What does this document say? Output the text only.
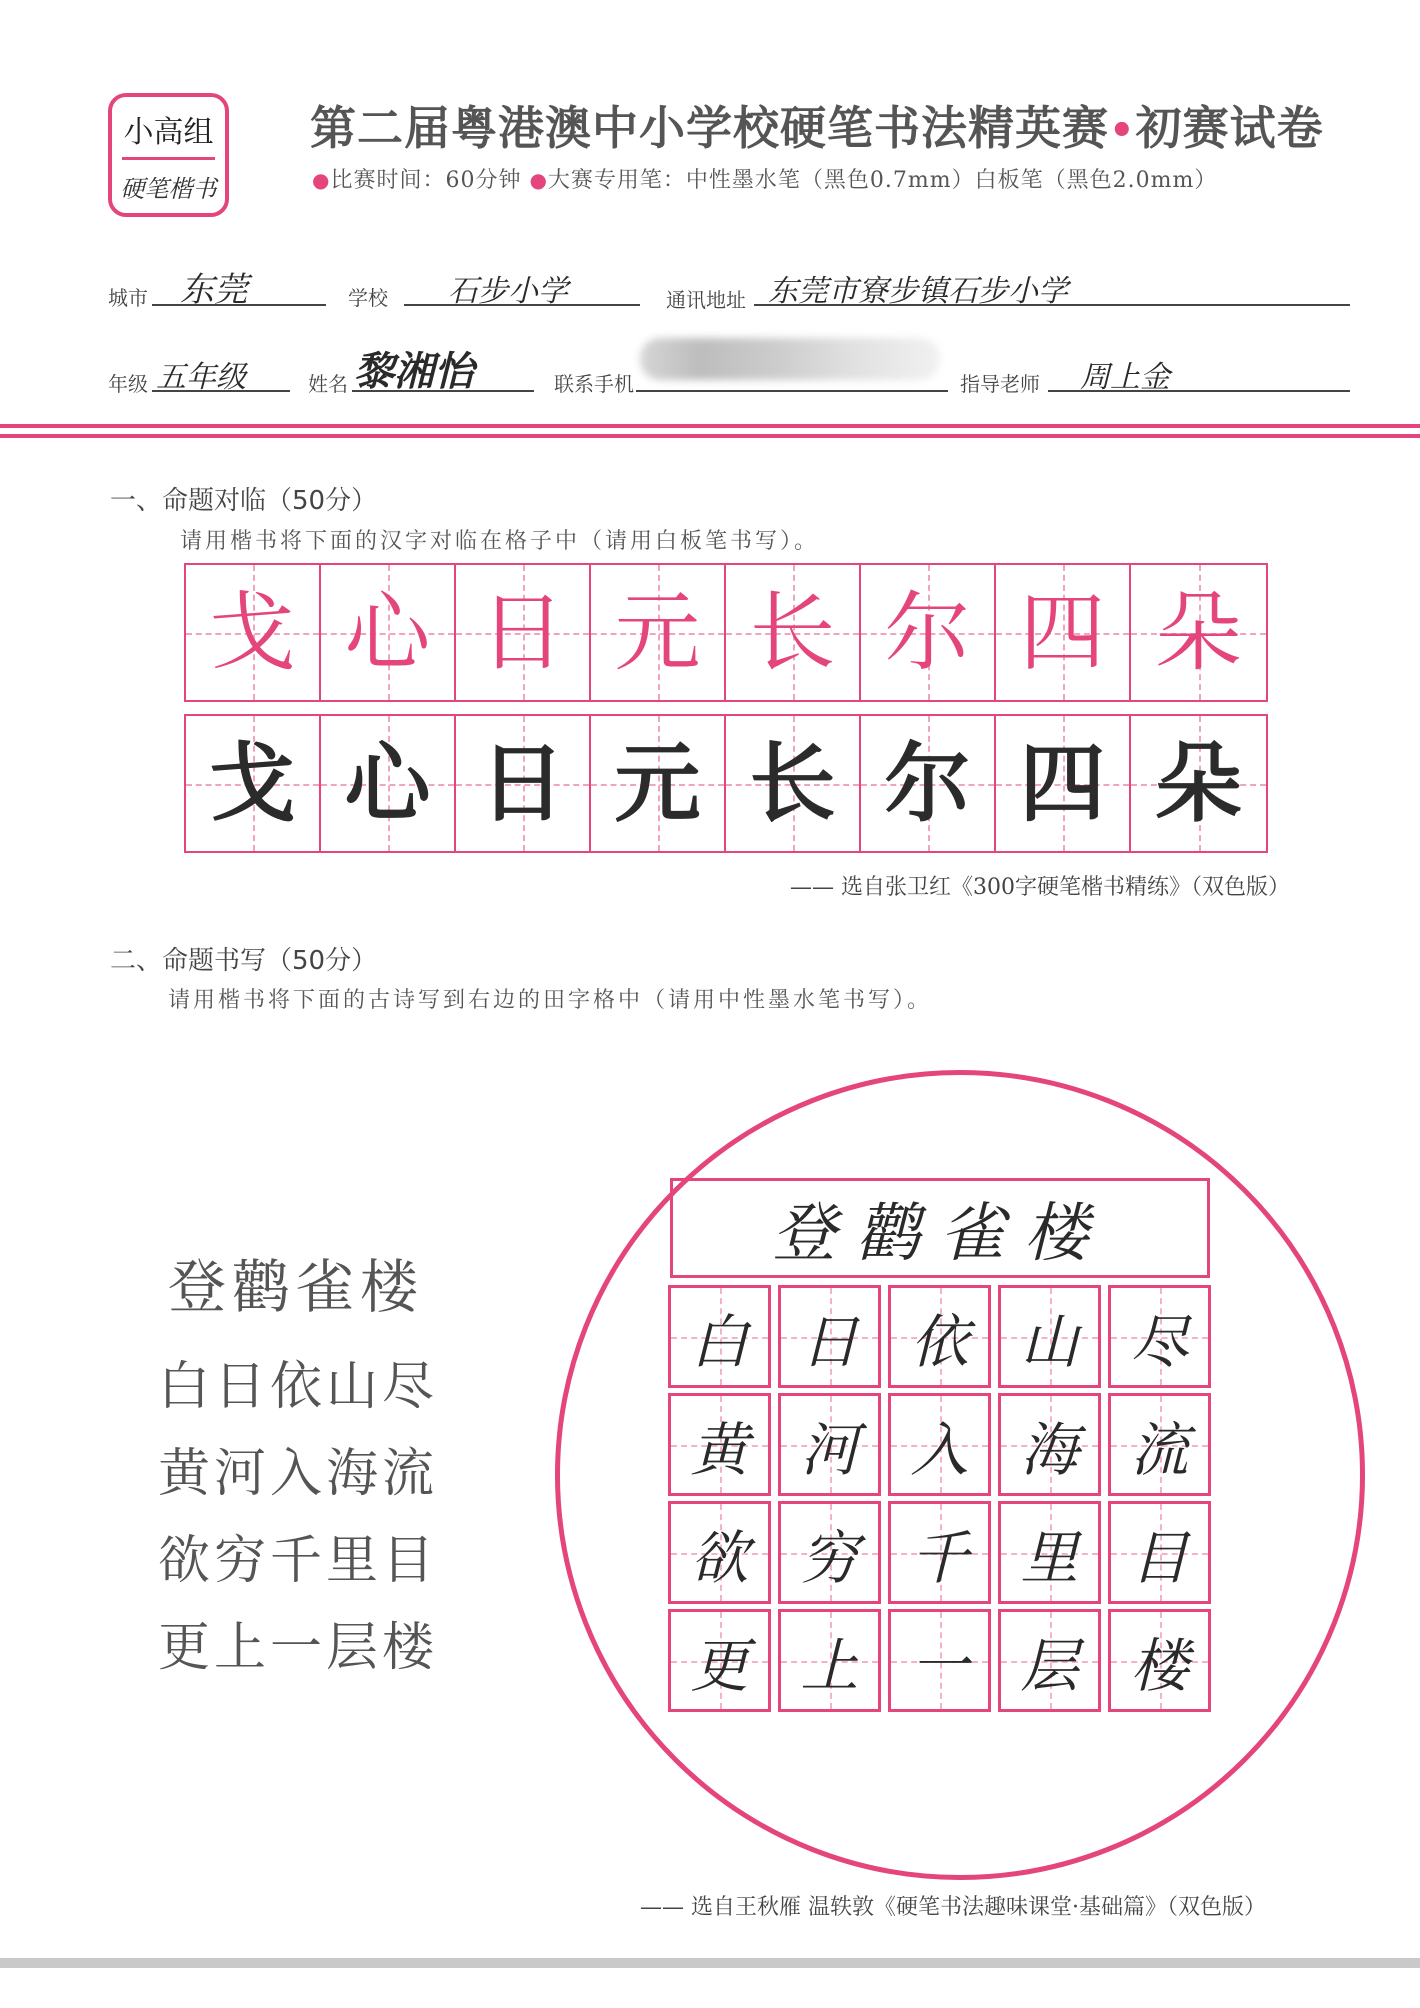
小高组
硬笔楷书
第二届粤港澳中小学校硬笔书法精英赛•初赛试卷
●比赛时间：60分钟 ●大赛专用笔：中性墨水笔（黑色0.7mm）白板笔（黑色2.0mm）
城市 东莞	学校 石步小学	通讯地址 东莞市寮步镇石步小学
年级 五年级	姓名 黎湘怡	联系手机	指导老师 周上金
一、命题对临（50分）
请用楷书将下面的汉字对临在格子中（请用白板笔书写）。
戈 心 日 元 长 尔 四 朵
戈 心 日 元 长 尔 四 朵
—— 选自张卫红《300字硬笔楷书精练》（双色版）
二、命题书写（50分）
请用楷书将下面的古诗写到右边的田字格中（请用中性墨水笔书写）。
登鹳雀楼
白日依山尽
黄河入海流
欲穷千里目
更上一层楼
登鹳雀楼
白 日 依 山 尽
黄 河 入 海 流
欲 穷 千 里 目
更 上 一 层 楼
—— 选自王秋雁 温轶敦《硬笔书法趣味课堂·基础篇》（双色版）
